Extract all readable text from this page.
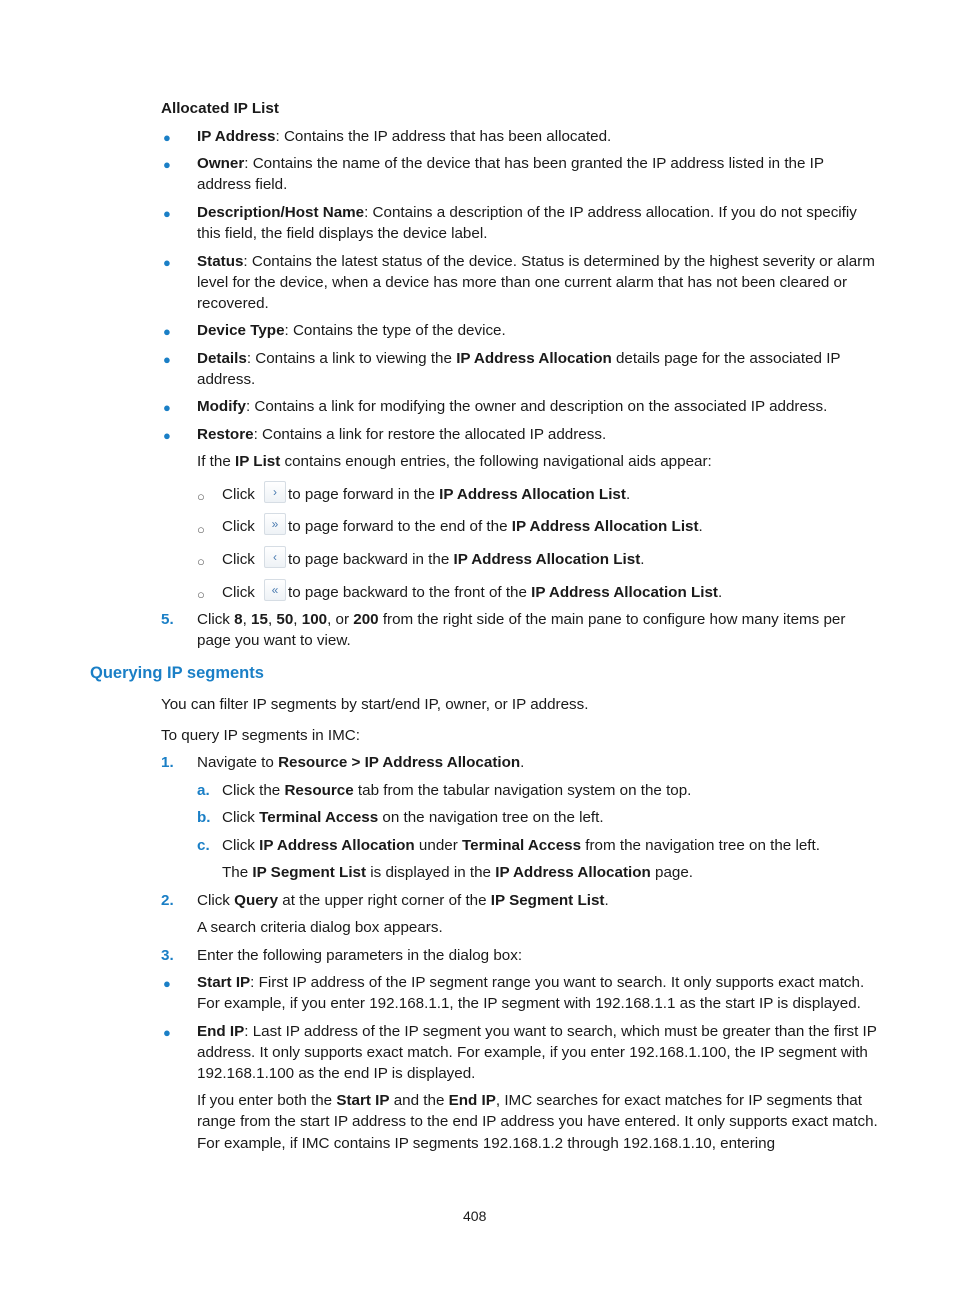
Allocated IP List
● IP Address: Contains the IP address that has been allocated.
● Owner: Contains the name of the device that has been granted the IP address listed in the IP
address field.
● Description/Host Name: Contains a description of the IP address allocation. If you do not specifiy
this field, the field displays the device label.
● Status: Contains the latest status of the device. Status is determined by the highest severity or alarm
level for the device, when a device has more than one current alarm that has not been cleared or
recovered.
● Device Type: Contains the type of the device.
● Details: Contains a link to viewing the IP Address Allocation details page for the associated IP
address.
● Modify: Contains a link for modifying the owner and description on the associated IP address.
● Restore: Contains a link for restore the allocated IP address.
If the IP List contains enough entries, the following navigational aids appear:
○ Click	› to page forward in the IP Address Allocation List.
○ Click	» to page forward to the end of the IP Address Allocation List.
○ Click	‹ to page backward in the IP Address Allocation List.
○ Click	« to page backward to the front of the IP Address Allocation List.
5. Click 8, 15, 50, 100, or 200 from the right side of the main pane to configure how many items per
page you want to view.
Querying IP segments
You can filter IP segments by start/end IP, owner, or IP address.
To query IP segments in IMC:
1. Navigate to Resource > IP Address Allocation.
a. Click the Resource tab from the tabular navigation system on the top.
b. Click Terminal Access on the navigation tree on the left.
c. Click IP Address Allocation under Terminal Access from the navigation tree on the left.
The IP Segment List is displayed in the IP Address Allocation page.
2. Click Query at the upper right corner of the IP Segment List.
A search criteria dialog box appears.
3. Enter the following parameters in the dialog box:
● Start IP: First IP address of the IP segment range you want to search. It only supports exact match.
For example, if you enter 192.168.1.1, the IP segment with 192.168.1.1 as the start IP is displayed.
● End IP: Last IP address of the IP segment you want to search, which must be greater than the first IP
address. It only supports exact match. For example, if you enter 192.168.1.100, the IP segment with
192.168.1.100 as the end IP is displayed.
If you enter both the Start IP and the End IP, IMC searches for exact matches for IP segments that
range from the start IP address to the end IP address you have entered. It only supports exact match.
For example, if IMC contains IP segments 192.168.1.2 through 192.168.1.10, entering
408
